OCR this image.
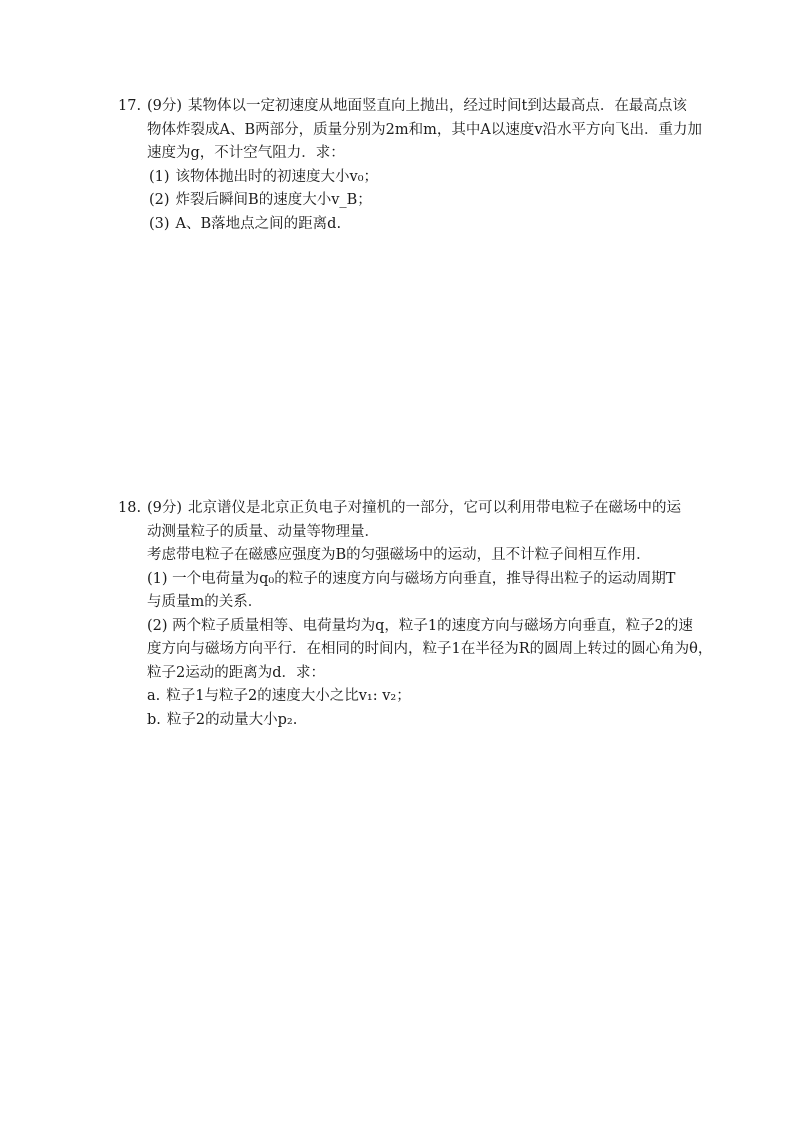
17. (9分) 某物体以一定初速度从地面竖直向上抛出，经过时间t到达最高点．在最高点该

物体炸裂成A、B两部分，质量分别为2m和m，其中A以速度v沿水平方向飞出．重力加

速度为g，不计空气阻力．求：

(1) 该物体抛出时的初速度大小v₀；

(2) 炸裂后瞬间B的速度大小v_B；

(3) A、B落地点之间的距离d.

18. (9分) 北京谱仪是北京正负电子对撞机的一部分，它可以利用带电粒子在磁场中的运

动测量粒子的质量、动量等物理量．

考虑带电粒子在磁感应强度为B的匀强磁场中的运动，且不计粒子间相互作用．

(1) 一个电荷量为q₀的粒子的速度方向与磁场方向垂直，推导得出粒子的运动周期T

与质量m的关系．

(2) 两个粒子质量相等、电荷量均为q，粒子1的速度方向与磁场方向垂直，粒子2的速

度方向与磁场方向平行．在相同的时间内，粒子1在半径为R的圆周上转过的圆心角为θ，

粒子2运动的距离为d．求：

a. 粒子1与粒子2的速度大小之比v₁: v₂；

b. 粒子2的动量大小p₂.
